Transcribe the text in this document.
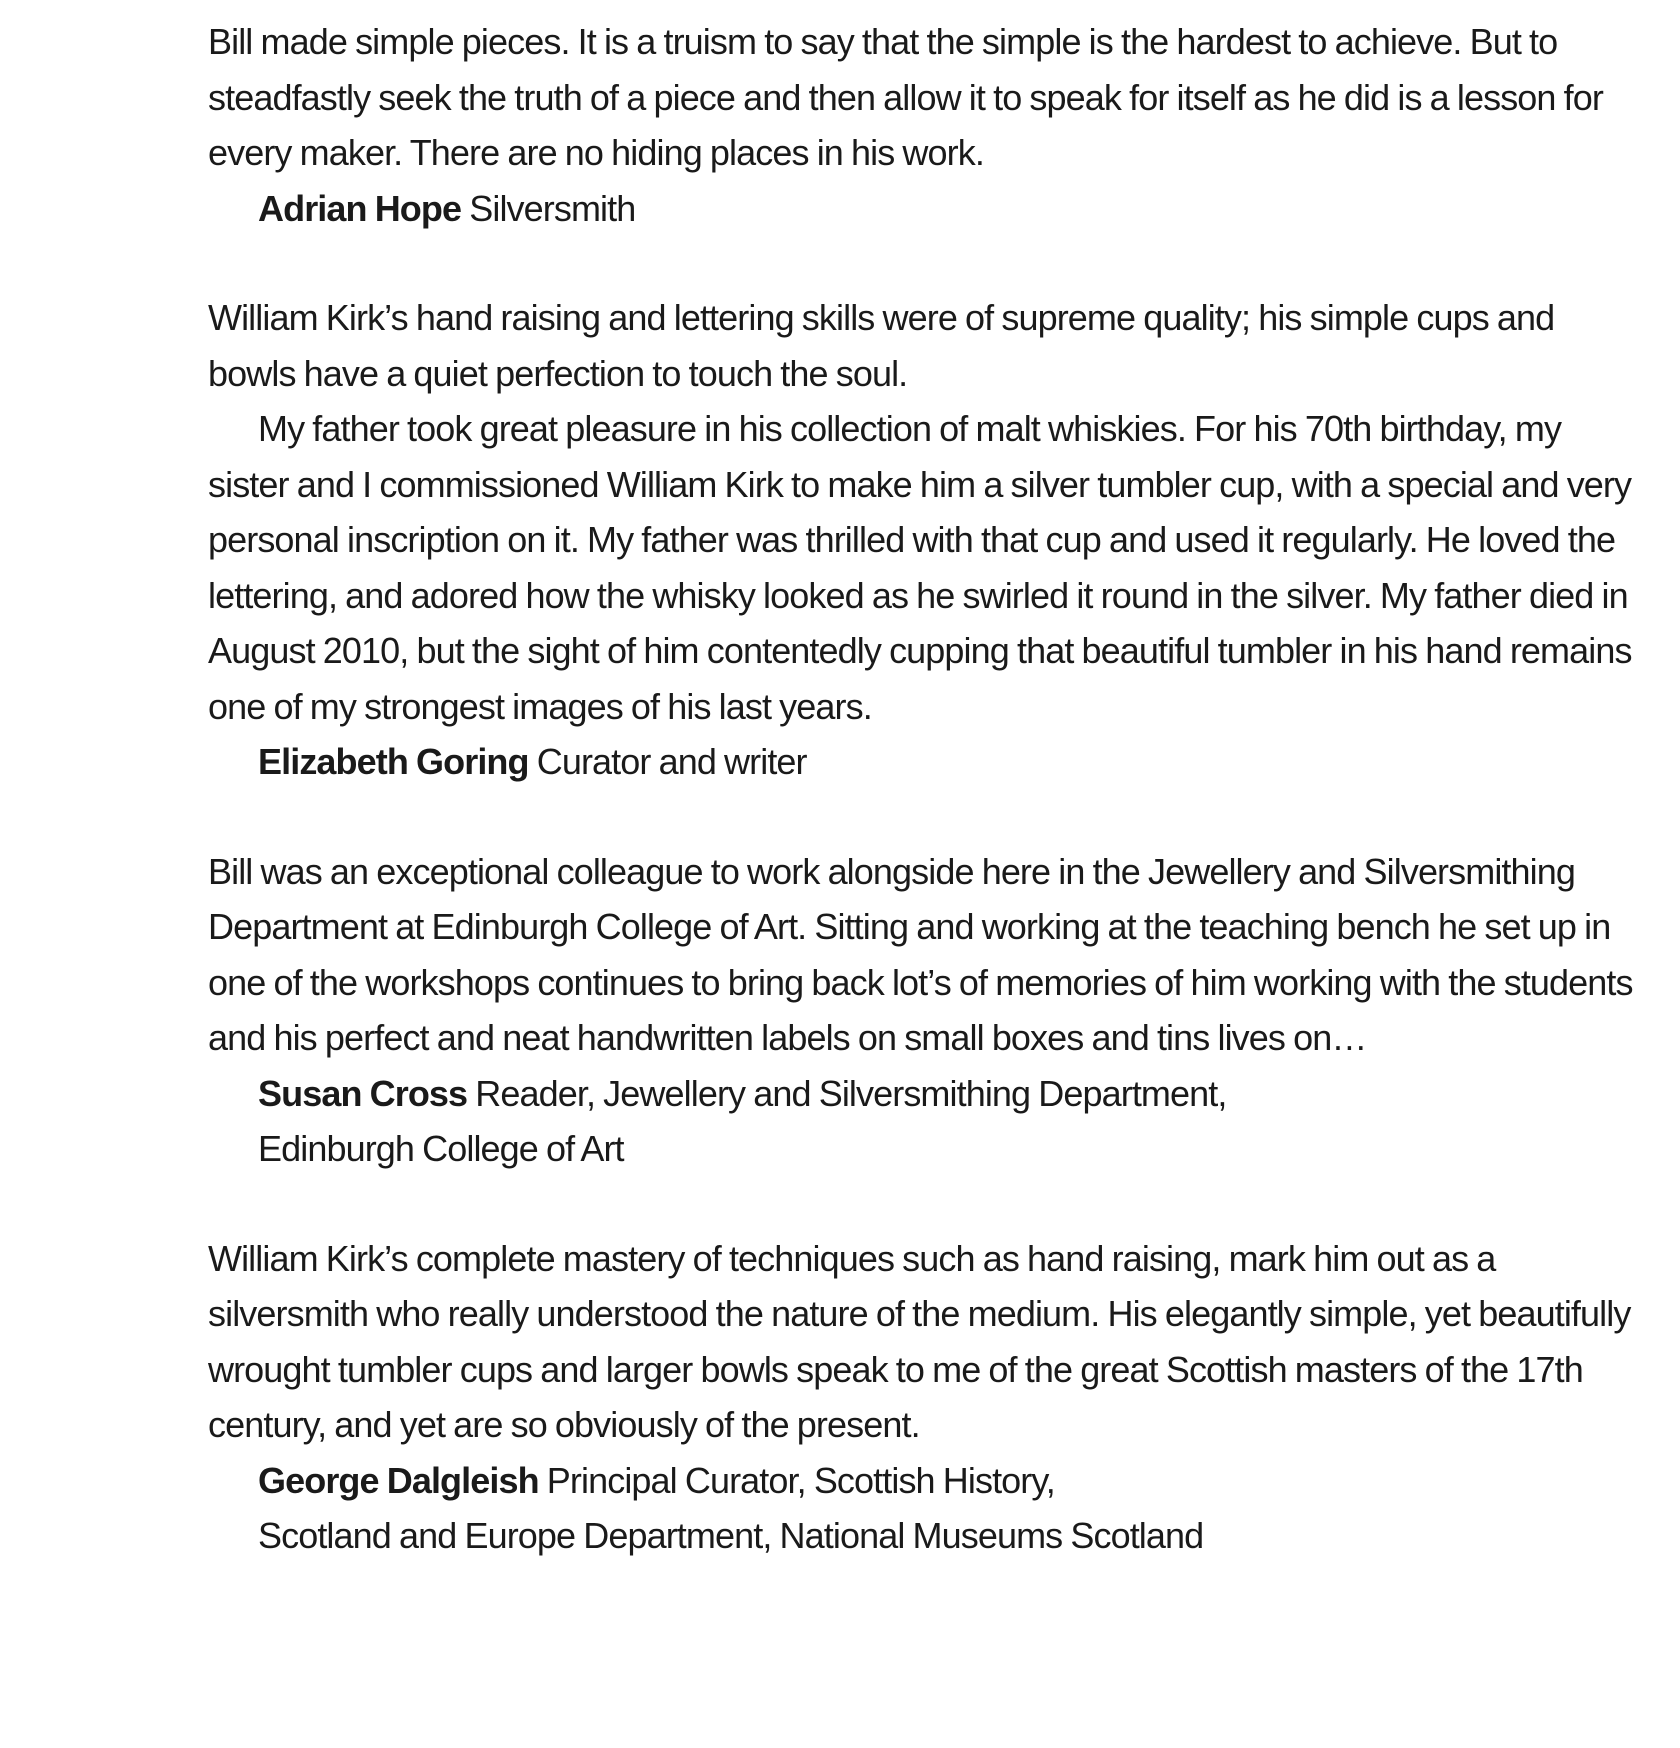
Bill made simple pieces. It is a truism to say that the simple is the hardest to achieve. But to steadfastly seek the truth of a piece and then allow it to speak for itself as he did is a lesson for every maker. There are no hiding places in his work.

Adrian Hope Silversmith

William Kirk’s hand raising and lettering skills were of supreme quality; his simple cups and bowls have a quiet perfection to touch the soul.

My father took great pleasure in his collection of malt whiskies. For his 70th birthday, my sister and I commissioned William Kirk to make him a silver tumbler cup, with a special and very personal inscription on it. My father was thrilled with that cup and used it regularly. He loved the lettering, and adored how the whisky looked as he swirled it round in the silver. My father died in August 2010, but the sight of him contentedly cupping that beautiful tumbler in his hand remains one of my strongest images of his last years.

Elizabeth Goring Curator and writer

Bill was an exceptional colleague to work alongside here in the Jewellery and Silversmithing Department at Edinburgh College of Art. Sitting and working at the teaching bench he set up in one of the workshops continues to bring back lot’s of memories of him working with the students and his perfect and neat handwritten labels on small boxes and tins lives on…

Susan Cross Reader, Jewellery and Silversmithing Department,
Edinburgh College of Art

William Kirk’s complete mastery of techniques such as hand raising, mark him out as a silversmith who really understood the nature of the medium. His elegantly simple, yet beautifully wrought tumbler cups and larger bowls speak to me of the great Scottish masters of the 17th century, and yet are so obviously of the present.

George Dalgleish Principal Curator, Scottish History,
Scotland and Europe Department, National Museums Scotland
